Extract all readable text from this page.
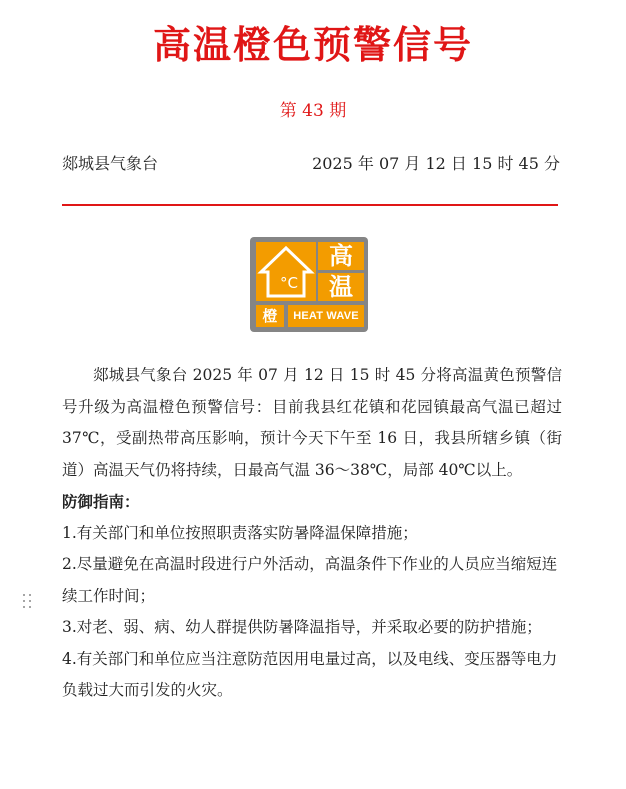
高温橙色预警信号
第 43 期
郯城县气象台	2025 年 07 月 12 日 15 时 45 分
°C
高
温
橙	HEAT WAVE

郯城县气象台 2025 年 07 月 12 日 15 时 45 分将高温黄色预警信号升级为高温橙色预警信号：目前我县红花镇和花园镇最高气温已超过 37℃，受副热带高压影响，预计今天下午至 16 日，我县所辖乡镇（街道）高温天气仍将持续，日最高气温 36～38℃，局部 40℃以上。

防御指南：

1.有关部门和单位按照职责落实防暑降温保障措施；

2.尽量避免在高温时段进行户外活动，高温条件下作业的人员应当缩短连续工作时间；

3.对老、弱、病、幼人群提供防暑降温指导，并采取必要的防护措施；

4.有关部门和单位应当注意防范因用电量过高，以及电线、变压器等电力负载过大而引发的火灾。
